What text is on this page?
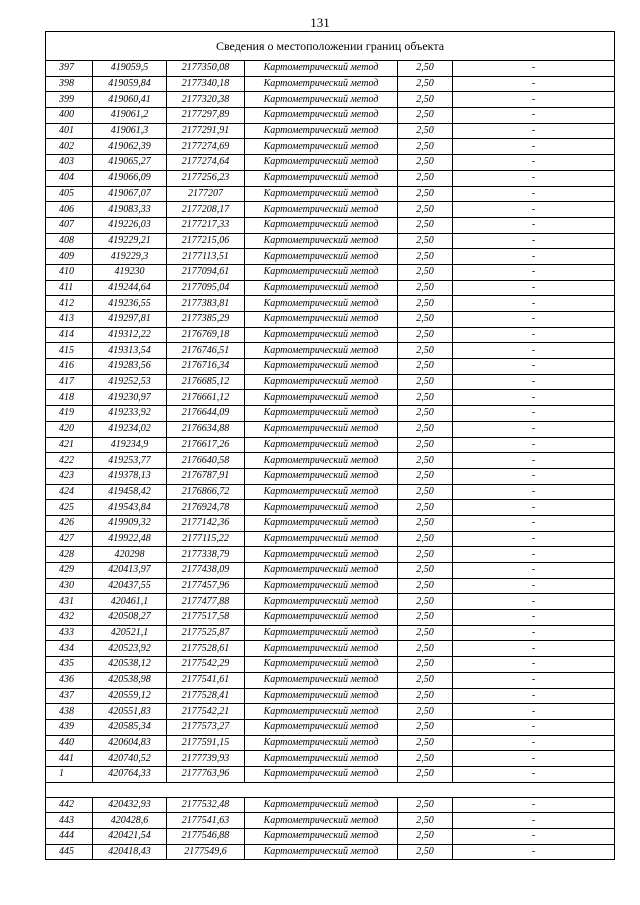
131
Сведения о местоположении границ объекта					
397	419059,5	2177350,08	Картометрический метод	2,50	-
398	419059,84	2177340,18	Картометрический метод	2,50	-
399	419060,41	2177320,38	Картометрический метод	2,50	-
400	419061,2	2177297,89	Картометрический метод	2,50	-
401	419061,3	2177291,91	Картометрический метод	2,50	-
402	419062,39	2177274,69	Картометрический метод	2,50	-
403	419065,27	2177274,64	Картометрический метод	2,50	-
404	419066,09	2177256,23	Картометрический метод	2,50	-
405	419067,07	2177207	Картометрический метод	2,50	-
406	419083,33	2177208,17	Картометрический метод	2,50	-
407	419226,03	2177217,33	Картометрический метод	2,50	-
408	419229,21	2177215,06	Картометрический метод	2,50	-
409	419229,3	2177113,51	Картометрический метод	2,50	-
410	419230	2177094,61	Картометрический метод	2,50	-
411	419244,64	2177095,04	Картометрический метод	2,50	-
412	419236,55	2177383,81	Картометрический метод	2,50	-
413	419297,81	2177385,29	Картометрический метод	2,50	-
414	419312,22	2176769,18	Картометрический метод	2,50	-
415	419313,54	2176746,51	Картометрический метод	2,50	-
416	419283,56	2176716,34	Картометрический метод	2,50	-
417	419252,53	2176685,12	Картометрический метод	2,50	-
418	419230,97	2176661,12	Картометрический метод	2,50	-
419	419233,92	2176644,09	Картометрический метод	2,50	-
420	419234,02	2176634,88	Картометрический метод	2,50	-
421	419234,9	2176617,26	Картометрический метод	2,50	-
422	419253,77	2176640,58	Картометрический метод	2,50	-
423	419378,13	2176787,91	Картометрический метод	2,50	-
424	419458,42	2176866,72	Картометрический метод	2,50	-
425	419543,84	2176924,78	Картометрический метод	2,50	-
426	419909,32	2177142,36	Картометрический метод	2,50	-
427	419922,48	2177115,22	Картометрический метод	2,50	-
428	420298	2177338,79	Картометрический метод	2,50	-
429	420413,97	2177438,09	Картометрический метод	2,50	-
430	420437,55	2177457,96	Картометрический метод	2,50	-
431	420461,1	2177477,88	Картометрический метод	2,50	-
432	420508,27	2177517,58	Картометрический метод	2,50	-
433	420521,1	2177525,87	Картометрический метод	2,50	-
434	420523,92	2177528,61	Картометрический метод	2,50	-
435	420538,12	2177542,29	Картометрический метод	2,50	-
436	420538,98	2177541,61	Картометрический метод	2,50	-
437	420559,12	2177528,41	Картометрический метод	2,50	-
438	420551,83	2177542,21	Картометрический метод	2,50	-
439	420585,34	2177573,27	Картометрический метод	2,50	-
440	420604,83	2177591,15	Картометрический метод	2,50	-
441	420740,52	2177739,93	Картометрический метод	2,50	-
1	420764,33	2177763,96	Картометрический метод	2,50	-

442	420432,93	2177532,48	Картометрический метод	2,50	-
443	420428,6	2177541,63	Картометрический метод	2,50	-
444	420421,54	2177546,88	Картометрический метод	2,50	-
445	420418,43	2177549,6	Картометрический метод	2,50	-
